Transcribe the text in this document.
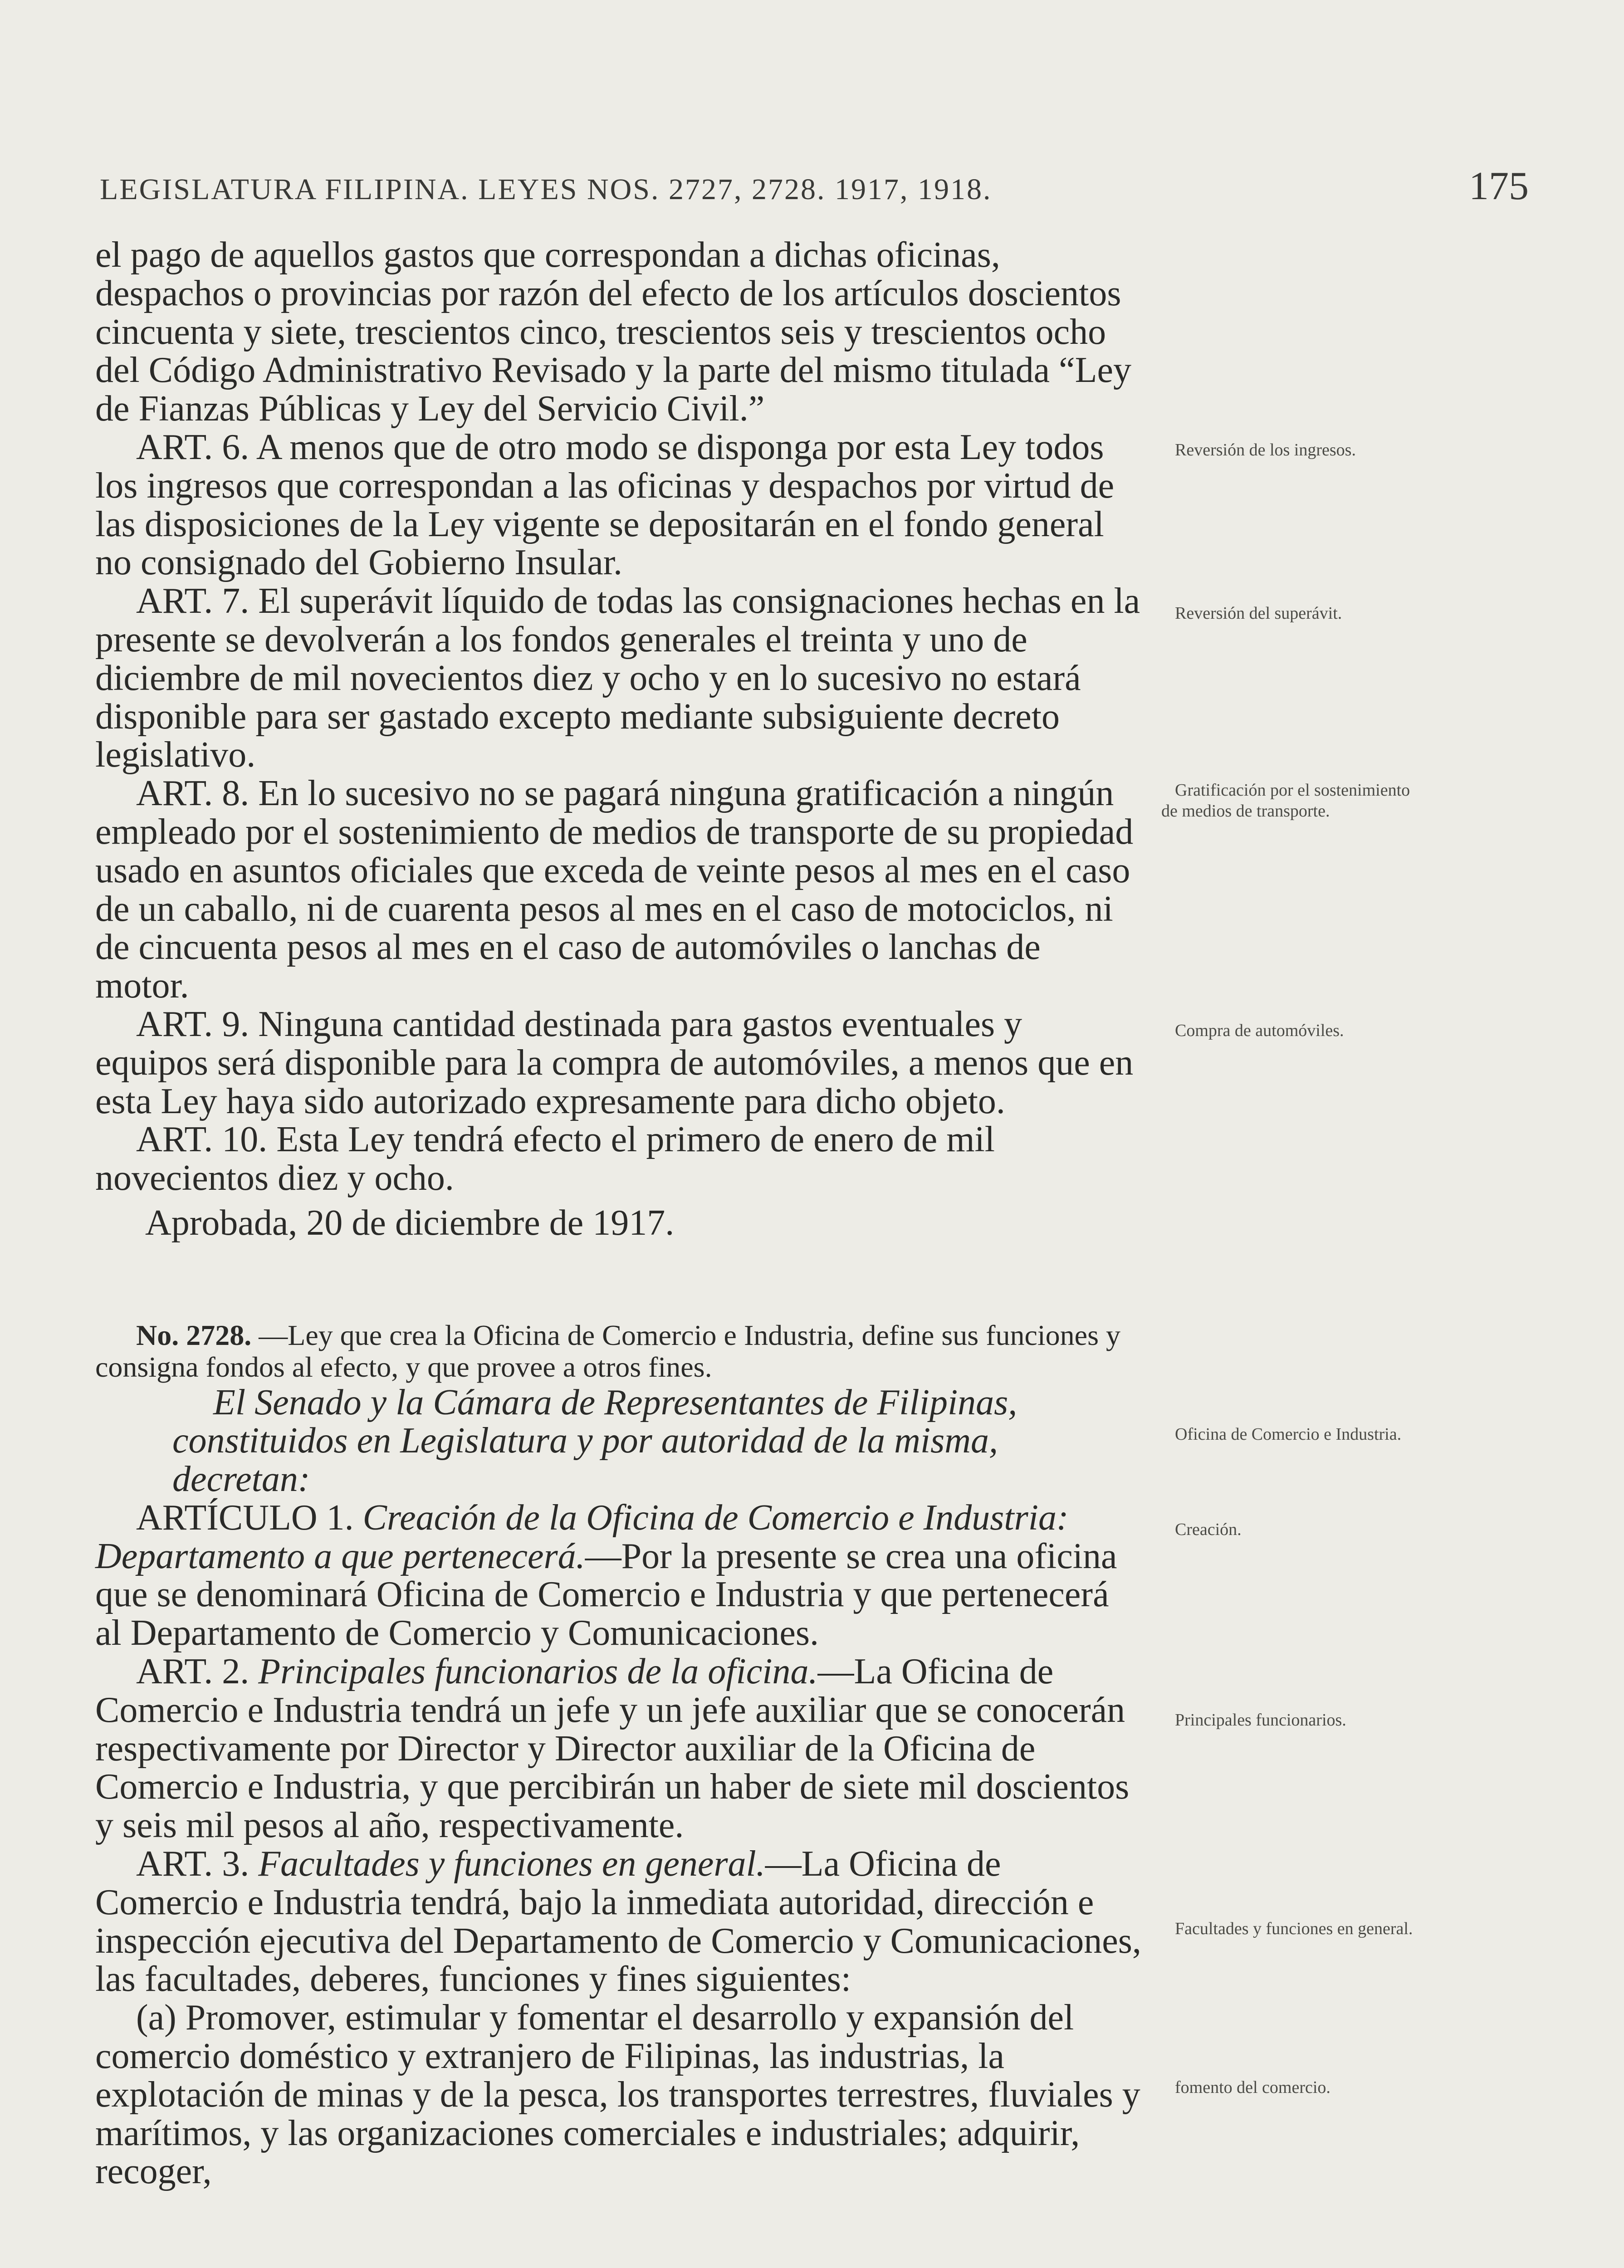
LEGISLATURA FILIPINA. LEYES NOS. 2727, 2728. 1917, 1918.	175

el pago de aquellos gastos que correspondan a dichas oficinas, despachos o provincias por razón del efecto de los artículos doscientos cincuenta y siete, trescientos cinco, trescientos seis y trescientos ocho del Código Administrativo Revisado y la parte del mismo titulada “Ley de Fianzas Públicas y Ley del Servicio Civil.”

ART. 6. A menos que de otro modo se disponga por esta Ley todos los ingresos que correspondan a las oficinas y despachos por virtud de las disposiciones de la Ley vigente se depositarán en el fondo general no consignado del Gobierno Insular.

ART. 7. El superávit líquido de todas las consignaciones hechas en la presente se devolverán a los fondos generales el treinta y uno de diciembre de mil novecientos diez y ocho y en lo sucesivo no estará disponible para ser gastado excepto mediante subsiguiente decreto legislativo.

ART. 8. En lo sucesivo no se pagará ninguna gratificación a ningún empleado por el sostenimiento de medios de transporte de su propiedad usado en asuntos oficiales que exceda de veinte pesos al mes en el caso de un caballo, ni de cuarenta pesos al mes en el caso de motociclos, ni de cincuenta pesos al mes en el caso de automóviles o lanchas de motor.

ART. 9. Ninguna cantidad destinada para gastos eventuales y equipos será disponible para la compra de automóviles, a menos que en esta Ley haya sido autorizado expresamente para dicho objeto.

ART. 10. Esta Ley tendrá efecto el primero de enero de mil novecientos diez y ocho.

Aprobada, 20 de diciembre de 1917.

No. 2728. —Ley que crea la Oficina de Comercio e Industria, define sus funciones y consigna fondos al efecto, y que provee a otros fines.

El Senado y la Cámara de Representantes de Filipinas, constituidos en Legislatura y por autoridad de la misma, decretan:

ARTÍCULO 1. Creación de la Oficina de Comercio e Industria: Departamento a que pertenecerá.—Por la presente se crea una oficina que se denominará Oficina de Comercio e Industria y que pertenecerá al Departamento de Comercio y Comunicaciones.

ART. 2. Principales funcionarios de la oficina.—La Oficina de Comercio e Industria tendrá un jefe y un jefe auxiliar que se conocerán respectivamente por Director y Director auxiliar de la Oficina de Comercio e Industria, y que percibirán un haber de siete mil doscientos y seis mil pesos al año, respectivamente.

ART. 3. Facultades y funciones en general.—La Oficina de Comercio e Industria tendrá, bajo la inmediata autoridad, dirección e inspección ejecutiva del Departamento de Comercio y Comunicaciones, las facultades, deberes, funciones y fines siguientes:

(a) Promover, estimular y fomentar el desarrollo y expansión del comercio doméstico y extranjero de Filipinas, las industrias, la explotación de minas y de la pesca, los transportes terrestres, fluviales y marítimos, y las organizaciones comerciales e industriales; adquirir, recoger,

Reversión de los ingresos.
Reversión del superávit.
Gratificación por el sostenimiento de medios de transporte.
Compra de automóviles.
Oficina de Comercio e Industria.
Creación.
Principales funcionarios.
Facultades y funciones en general.
fomento del comercio.
